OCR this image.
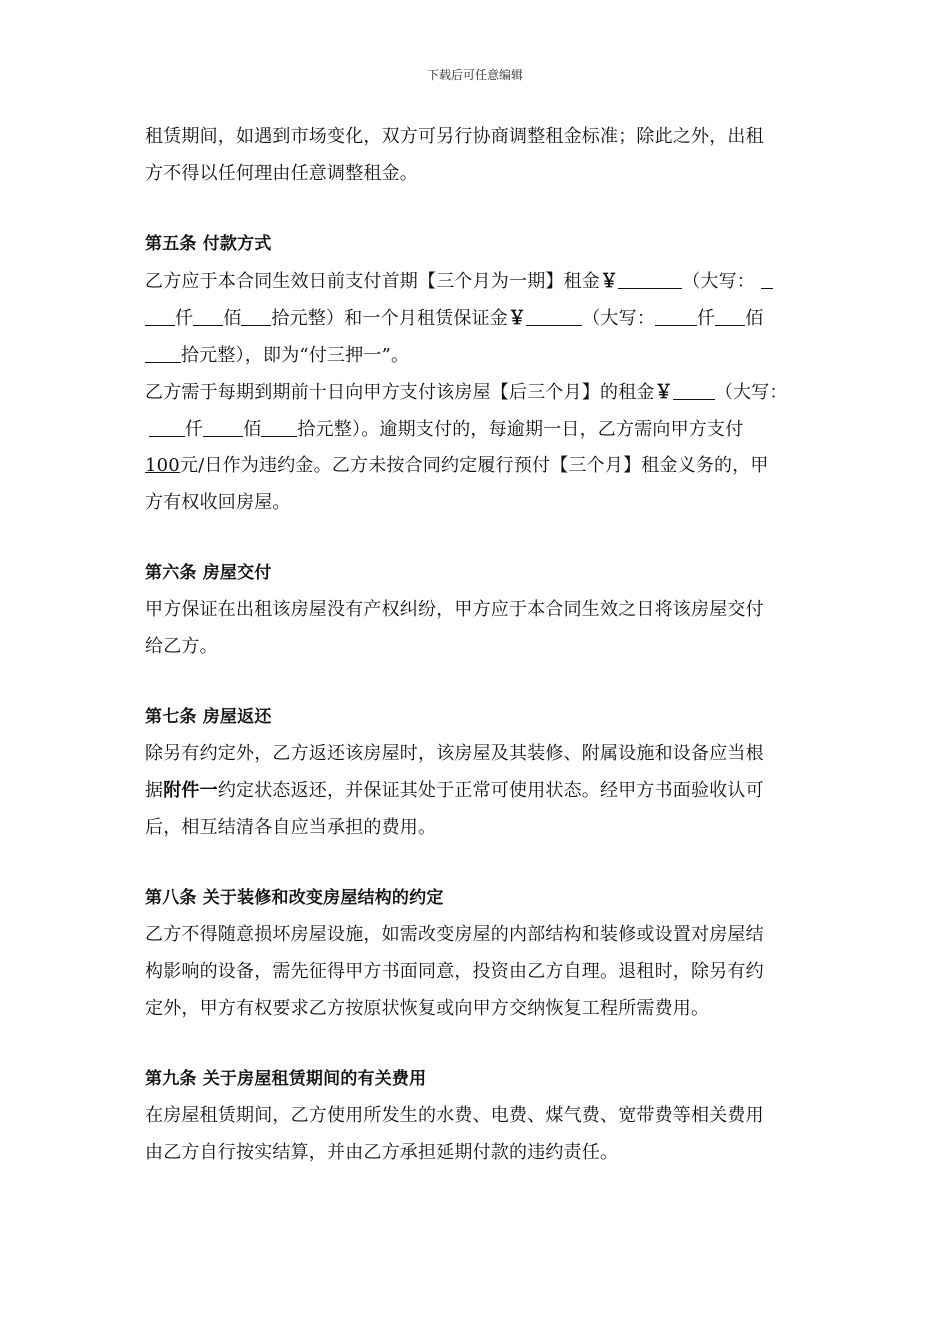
下载后可任意编辑

租赁期间，如遇到市场变化，双方可另行协商调整租金标准；除此之外，出租

方不得以任何理由任意调整租金。

第五条 付款方式

乙方应于本合同生效日前支付首期【三个月为一期】租金￥	（大写：

仟 佰 拾元整）和一个月租赁保证金￥	（大写： 仟 佰

拾元整），即为“付三押一”。

乙方需于每期到期前十日向甲方支付该房屋【后三个月】的租金￥ （大写：

仟 佰 拾元整）。逾期支付的，每逾期一日，乙方需向甲方支付

100元/日作为违约金。乙方未按合同约定履行预付【三个月】租金义务的，甲

方有权收回房屋。

第六条 房屋交付

甲方保证在出租该房屋没有产权纠纷，甲方应于本合同生效之日将该房屋交付

给乙方。

第七条 房屋返还

除另有约定外，乙方返还该房屋时，该房屋及其装修、附属设施和设备应当根

据附件一约定状态返还，并保证其处于正常可使用状态。经甲方书面验收认可

后，相互结清各自应当承担的费用。

第八条 关于装修和改变房屋结构的约定

乙方不得随意损坏房屋设施，如需改变房屋的内部结构和装修或设置对房屋结

构影响的设备，需先征得甲方书面同意，投资由乙方自理。退租时，除另有约

定外，甲方有权要求乙方按原状恢复或向甲方交纳恢复工程所需费用。

第九条 关于房屋租赁期间的有关费用

在房屋租赁期间，乙方使用所发生的水费、电费、煤气费、宽带费等相关费用

由乙方自行按实结算，并由乙方承担延期付款的违约责任。
